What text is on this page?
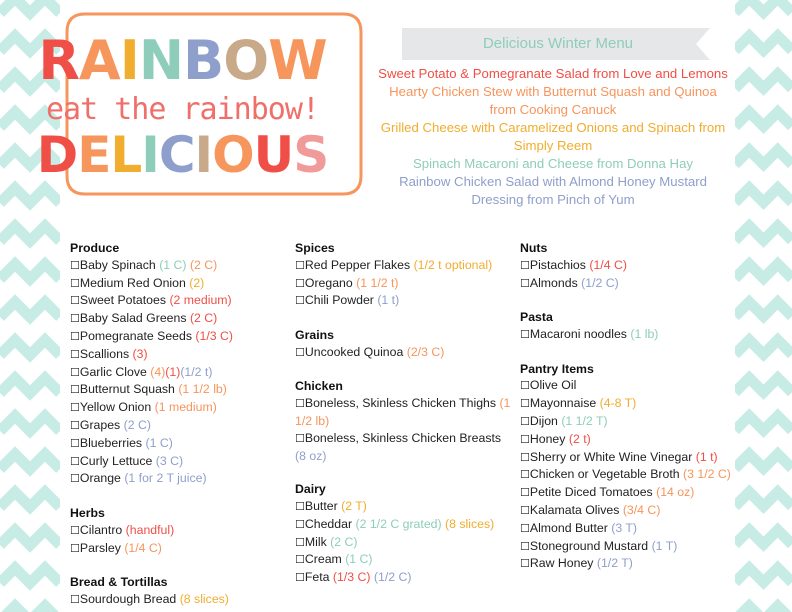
RAINBOW
eat the rainbow!
DELICIOUS
Delicious Winter Menu
Sweet Potato & Pomegranate Salad from Love and Lemons
Hearty Chicken Stew with Butternut Squash and Quinoa
from Cooking Canuck
Grilled Cheese with Caramelized Onions and Spinach from
Simply Reem
Spinach Macaroni and Cheese from Donna Hay
Rainbow Chicken Salad with Almond Honey Mustard
Dressing from Pinch of Yum
Produce
☐Baby Spinach (1 C) (2 C)
☐Medium Red Onion (2)
☐Sweet Potatoes (2 medium)
☐Baby Salad Greens (2 C)
☐Pomegranate Seeds (1/3 C)
☐Scallions (3)
☐Garlic Clove (4)(1)(1/2 t)
☐Butternut Squash (1 1/2 lb)
☐Yellow Onion (1 medium)
☐Grapes (2 C)
☐Blueberries (1 C)
☐Curly Lettuce (3 C)
☐Orange (1 for 2 T juice)
Herbs
☐Cilantro (handful)
☐Parsley (1/4 C)
Bread & Tortillas
☐Sourdough Bread (8 slices)
Spices
☐Red Pepper Flakes (1/2 t optional)
☐Oregano (1 1/2 t)
☐Chili Powder (1 t)
Grains
☐Uncooked Quinoa (2/3 C)
Chicken
☐Boneless, Skinless Chicken Thighs (1 1/2 lb)
☐Boneless, Skinless Chicken Breasts (8 oz)
Dairy
☐Butter (2 T)
☐Cheddar (2 1/2 C grated) (8 slices)
☐Milk (2 C)
☐Cream (1 C)
☐Feta (1/3 C) (1/2 C)
Nuts
☐Pistachios (1/4 C)
☐Almonds (1/2 C)
Pasta
☐Macaroni noodles (1 lb)
Pantry Items
☐Olive Oil
☐Mayonnaise (4-8 T)
☐Dijon (1 1/2 T)
☐Honey (2 t)
☐Sherry or White Wine Vinegar (1 t)
☐Chicken or Vegetable Broth (3 1/2 C)
☐Petite Diced Tomatoes (14 oz)
☐Kalamata Olives (3/4 C)
☐Almond Butter (3 T)
☐Stoneground Mustard (1 T)
☐Raw Honey (1/2 T)
